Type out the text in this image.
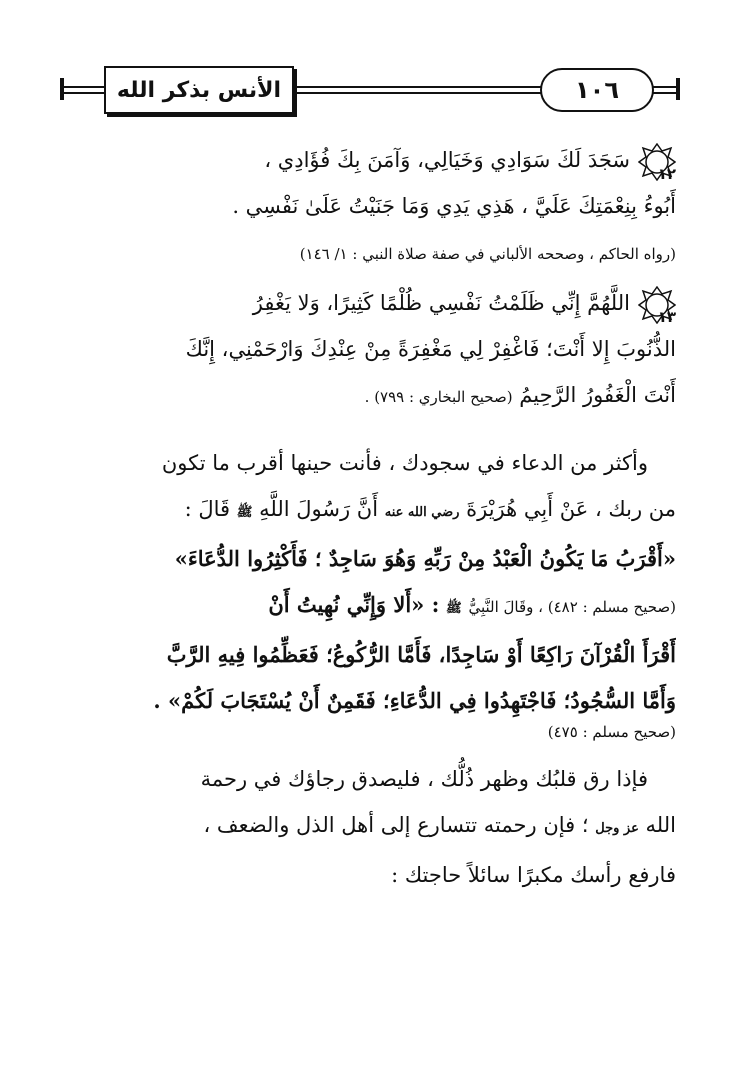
الأنس بذكر الله	١٠٦
١٢
سَجَدَ لَكَ سَوَادِي وَخَيَالِي، وَآمَنَ بِكَ فُؤَادِي ،
أَبُوءُ بِنِعْمَتِكَ عَلَيَّ ، هَذِي يَدِي وَمَا جَنَيْتُ عَلَىٰ نَفْسِي .
(رواه الحاكم ، وصححه الألباني في صفة صلاة النبي : ١/ ١٤٦)
١٣
اللَّهُمَّ إِنِّي ظَلَمْتُ نَفْسِي ظُلْمًا كَثِيرًا، وَلا يَغْفِرُ
الذُّنُوبَ إِلا أَنْتَ؛ فَاغْفِرْ لِي مَغْفِرَةً مِنْ عِنْدِكَ وَارْحَمْنِي، إِنَّكَ
أَنْتَ الْغَفُورُ الرَّحِيمُ (صحيح البخاري : ٧٩٩) .
وأكثر من الدعاء في سجودك ، فأنت حينها أقرب ما تكون
من ربك ، عَنْ أَبِي هُرَيْرَةَ رضي الله عنه أَنَّ رَسُولَ اللَّهِ ﷺ قَالَ :
«أَقْرَبُ مَا يَكُونُ الْعَبْدُ مِنْ رَبِّهِ وَهُوَ سَاجِدٌ ؛ فَأَكْثِرُوا الدُّعَاءَ»
(صحيح مسلم : ٤٨٢) ، وقَالَ النَّبِيُّ ﷺ : «أَلا وَإِنِّي نُهِيتُ أَنْ
أَقْرَأَ الْقُرْآنَ رَاكِعًا أَوْ سَاجِدًا، فَأَمَّا الرُّكُوعُ؛ فَعَظِّمُوا فِيهِ الرَّبَّ
وَأَمَّا السُّجُودُ؛ فَاجْتَهِدُوا فِي الدُّعَاءِ؛ فَقَمِنٌ أَنْ يُسْتَجَابَ لَكُمْ» .
(صحيح مسلم : ٤٧٥)
فإذا رق قلبُك وظهر ذُلُّك ، فليصدق رجاؤك في رحمة
الله عز وجل ؛ فإن رحمته تتسارع إلى أهل الذل والضعف ،
فارفع رأسك مكبرًا سائلاً حاجتك :
